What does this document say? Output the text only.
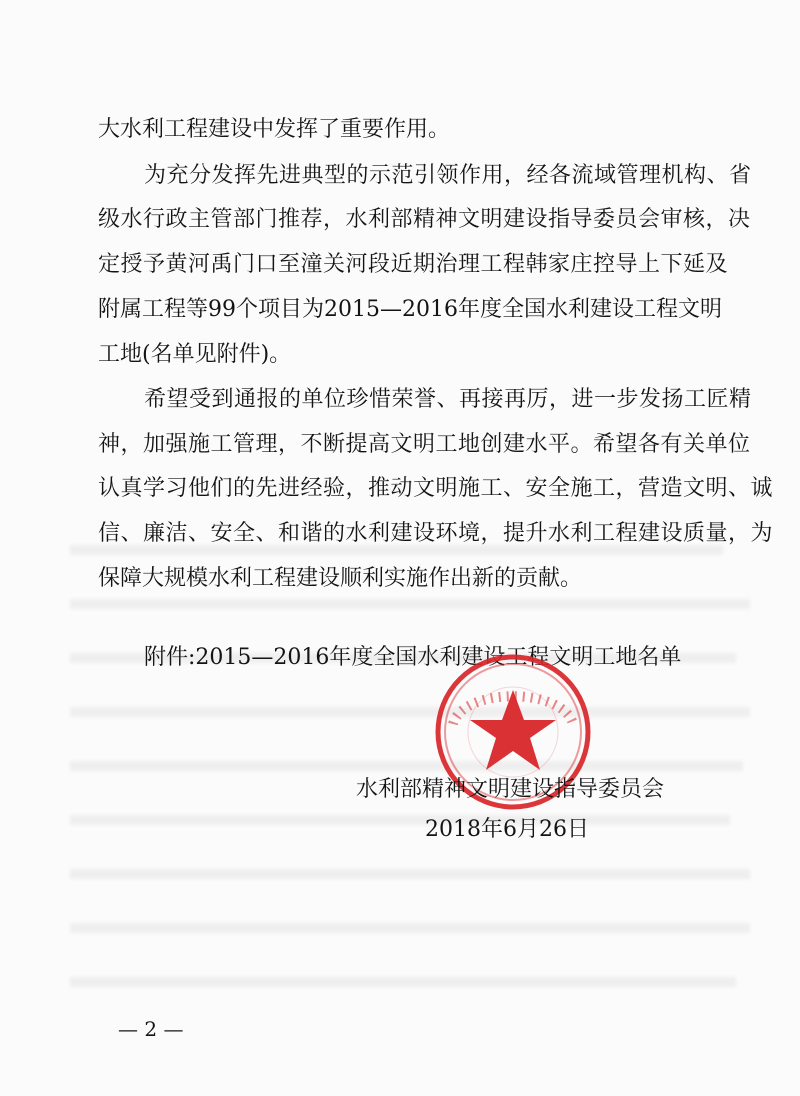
大水利工程建设中发挥了重要作用。
为充分发挥先进典型的示范引领作用，经各流域管理机构、省
级水行政主管部门推荐，水利部精神文明建设指导委员会审核，决
定授予黄河禹门口至潼关河段近期治理工程韩家庄控导上下延及
附属工程等99个项目为2015—2016年度全国水利建设工程文明
工地(名单见附件)。
希望受到通报的单位珍惜荣誉、再接再厉，进一步发扬工匠精
神，加强施工管理，不断提高文明工地创建水平。希望各有关单位
认真学习他们的先进经验，推动文明施工、安全施工，营造文明、诚
信、廉洁、安全、和谐的水利建设环境，提升水利工程建设质量，为
保障大规模水利工程建设顺利实施作出新的贡献。
附件:2015—2016年度全国水利建设工程文明工地名单
水利部精神文明建设指导委员会
2018年6月26日
— 2 —
